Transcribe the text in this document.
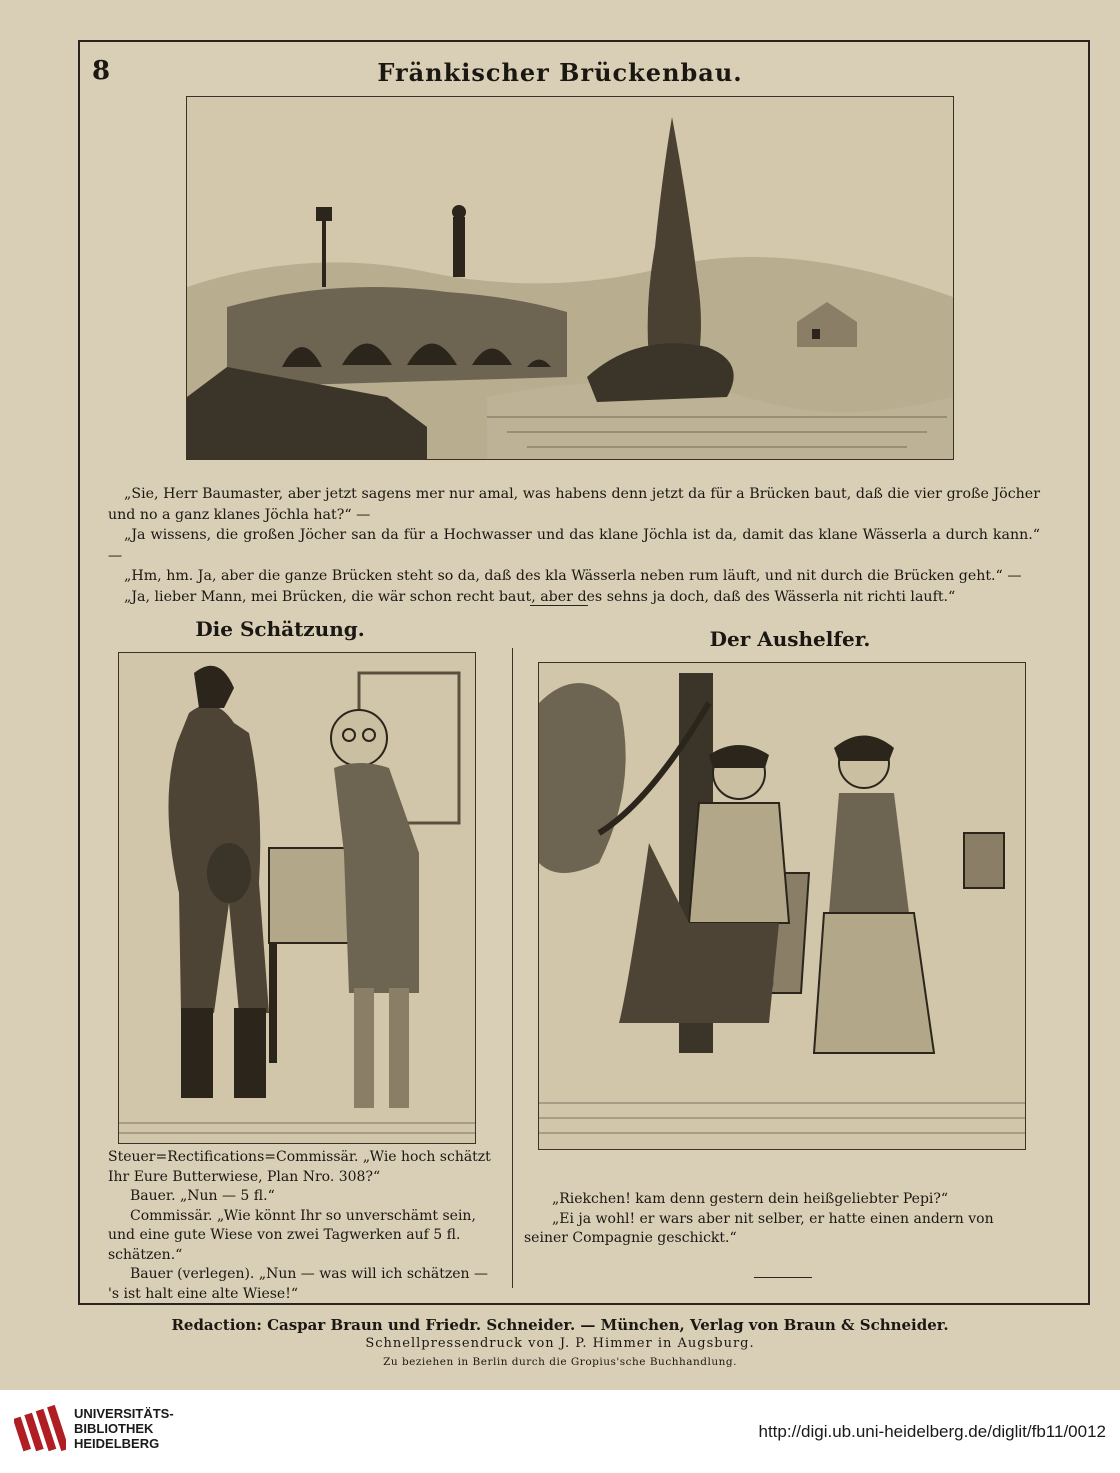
8	Fränkischer Brückenbau.

„Sie, Herr Baumaster, aber jetzt sagens mer nur amal, was habens denn jetzt da für a Brücken baut, daß die vier große Jöcher und no a ganz klanes Jöchla hat?“ —

„Ja wissens, die großen Jöcher san da für a Hochwasser und das klane Jöchla ist da, damit das klane Wässerla a durch kann.“ —

„Hm, hm. Ja, aber die ganze Brücken steht so da, daß des kla Wässerla neben rum läuft, und nit durch die Brücken geht.“ —

„Ja, lieber Mann, mei Brücken, die wär schon recht baut, aber des sehns ja doch, daß des Wässerla nit richti lauft.“

Die Schätzung.	Der Aushelfer.

Steuer=Rectifications=Commissär. „Wie hoch schätzt Ihr Eure Butterwiese, Plan Nro. 308?“

Bauer. „Nun — 5 fl.“

Commissär. „Wie könnt Ihr so unverschämt sein, und eine gute Wiese von zwei Tagwerken auf 5 fl. schätzen.“

Bauer (verlegen). „Nun — was will ich schätzen — 's ist halt eine alte Wiese!“

„Riekchen! kam denn gestern dein heißgeliebter Pepi?“

„Ei ja wohl! er wars aber nit selber, er hatte einen andern von seiner Compagnie geschickt.“

Redaction: Caspar Braun und Friedr. Schneider. — München, Verlag von Braun & Schneider.
Schnellpressendruck von J. P. Himmer in Augsburg.
Zu beziehen in Berlin durch die Gropius'sche Buchhandlung.
UNIVERSITÄTS-
BIBLIOTHEK
HEIDELBERG
http://digi.ub.uni-heidelberg.de/diglit/fb11/0012
